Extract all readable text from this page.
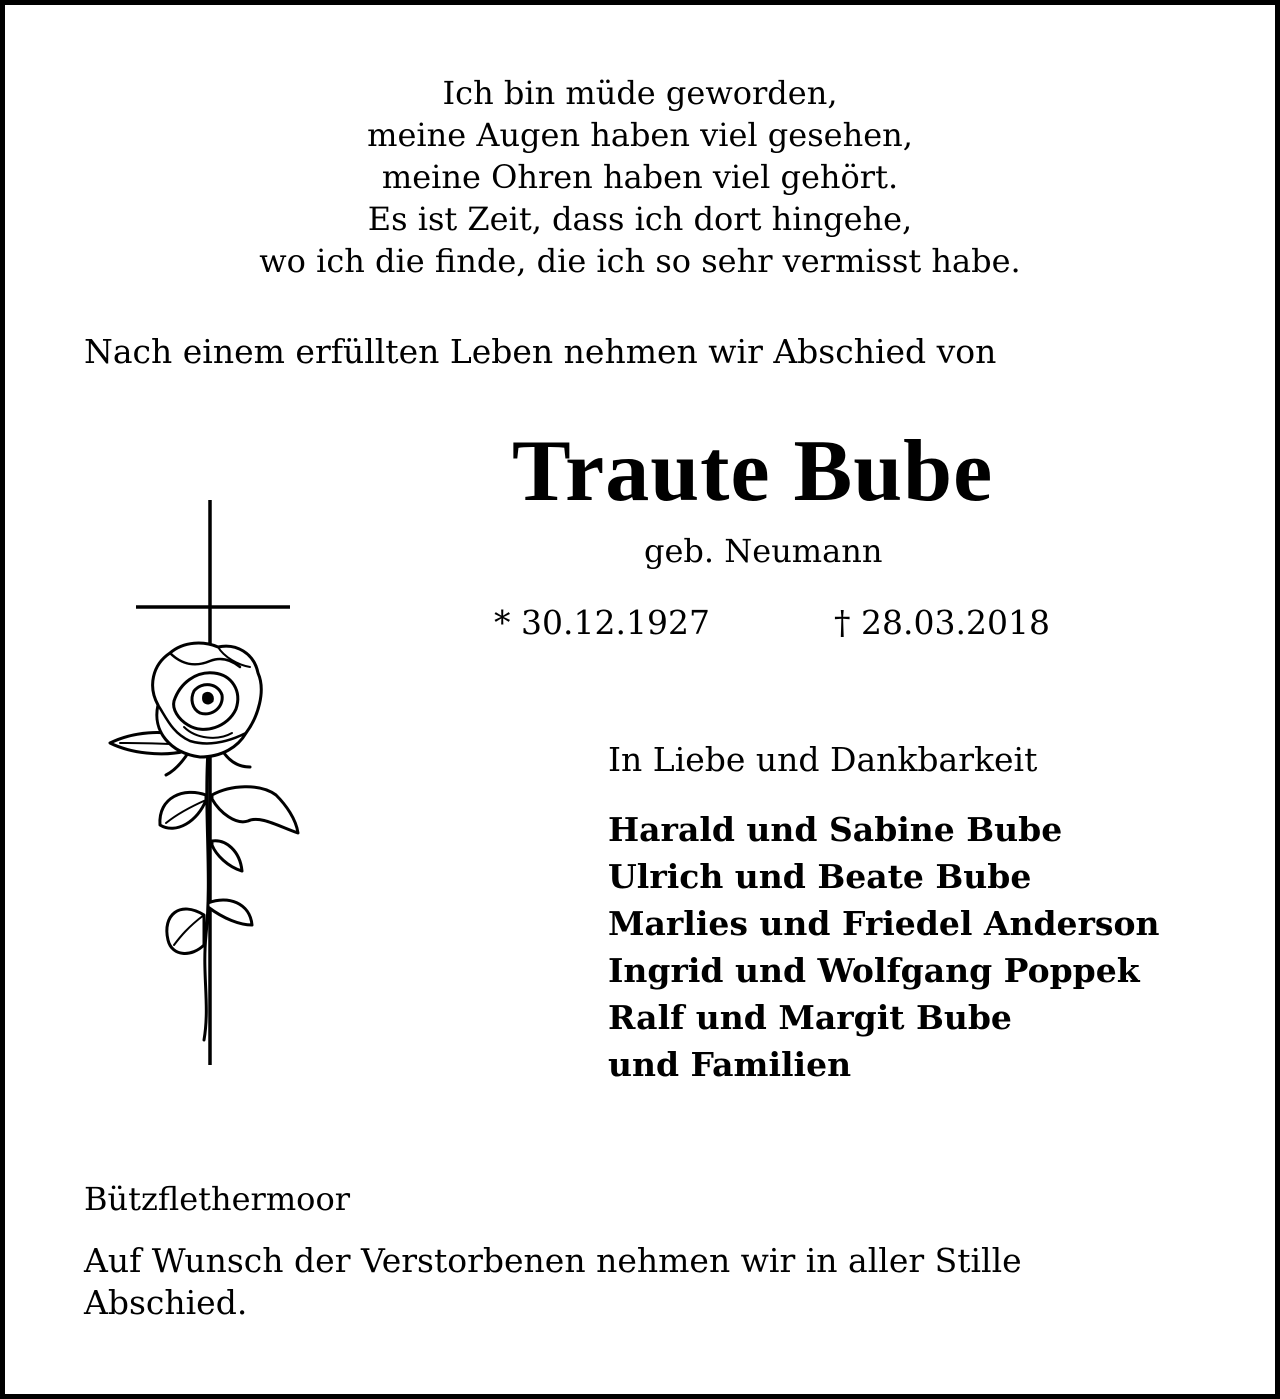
Ich bin müde geworden,
meine Augen haben viel gesehen,
meine Ohren haben viel gehört.
Es ist Zeit, dass ich dort hingehe,
wo ich die finde, die ich so sehr vermisst habe.
Nach einem erfüllten Leben nehmen wir Abschied von
Traute Bube
geb. Neumann
* 30.12.1927	† 28.03.2018
In Liebe und Dankbarkeit
Harald und Sabine Bube
Ulrich und Beate Bube
Marlies und Friedel Anderson
Ingrid und Wolfgang Poppek
Ralf und Margit Bube
und Familien
Bützflethermoor
Auf Wunsch der Verstorbenen nehmen wir in aller Stille
Abschied.
